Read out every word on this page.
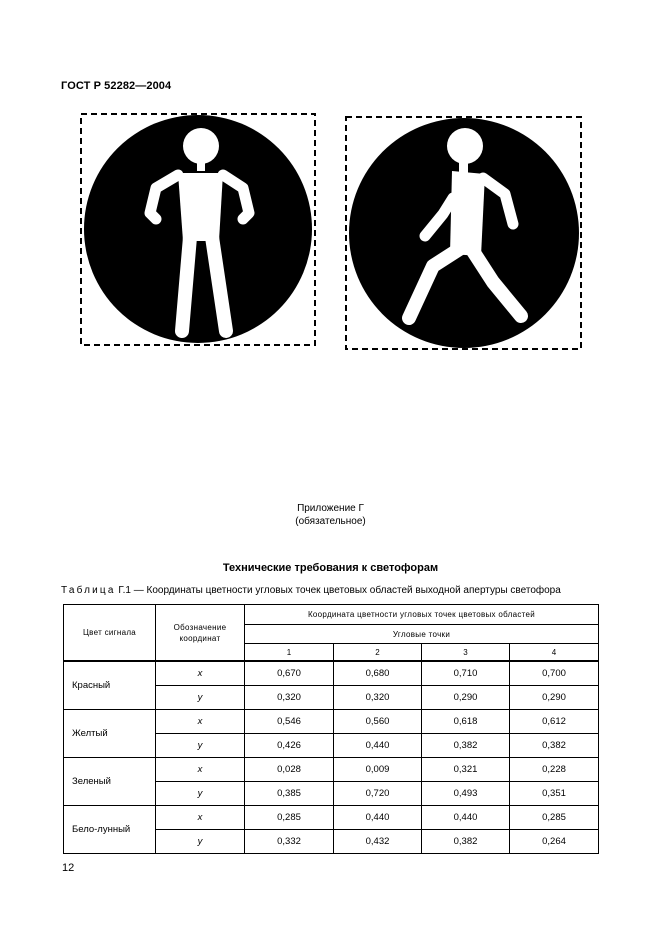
ГОСТ Р 52282—2004
Приложение Г
(обязательное)
Технические требования к светофорам
Таблица Г.1 — Координаты цветности угловых точек цветовых областей выходной апертуры светофора
Цвет сигнала	Обозначение координат	Координата цветности угловых точек цветовых областей			
		Угловые точки			
		1	2	3	4
Красный	x	0,670	0,680	0,710	0,700
	y	0,320	0,320	0,290	0,290
Желтый	x	0,546	0,560	0,618	0,612
	y	0,426	0,440	0,382	0,382
Зеленый	x	0,028	0,009	0,321	0,228
	y	0,385	0,720	0,493	0,351
Бело-лунный	x	0,285	0,440	0,440	0,285
	y	0,332	0,432	0,382	0,264
12
